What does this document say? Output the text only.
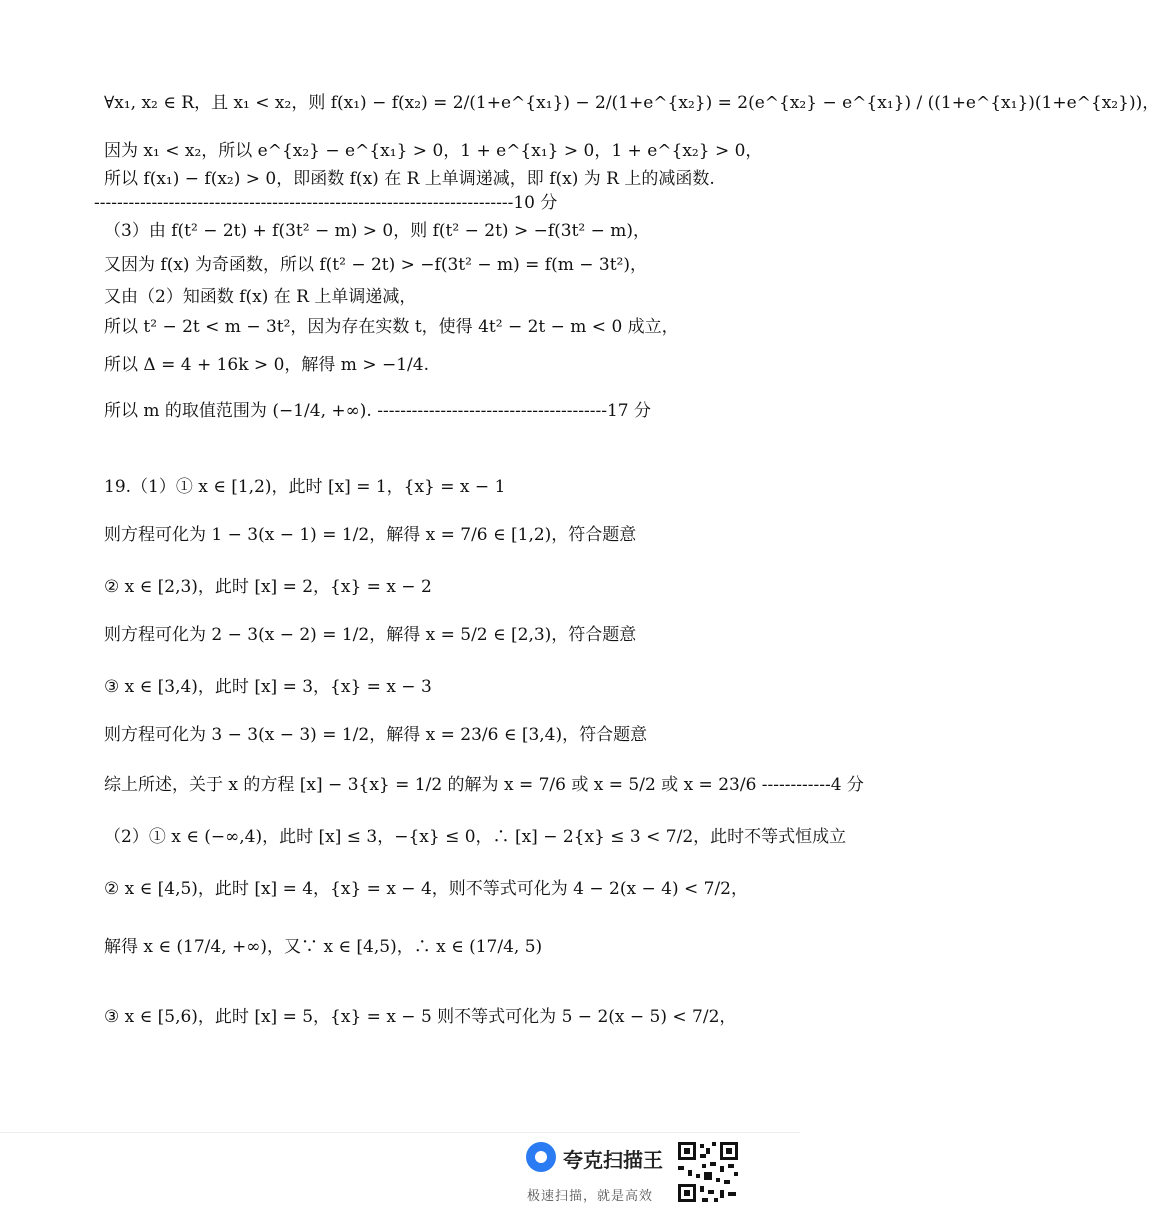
∀x₁, x₂ ∈ R，且 x₁ < x₂，则 f(x₁) − f(x₂) = 2/(1+e^{x₁}) − 2/(1+e^{x₂}) = 2(e^{x₂} − e^{x₁}) / ((1+e^{x₁})(1+e^{x₂}))，
因为 x₁ < x₂，所以 e^{x₂} − e^{x₁} > 0，1 + e^{x₁} > 0，1 + e^{x₂} > 0，
所以 f(x₁) − f(x₂) > 0，即函数 f(x) 在 R 上单调递减，即 f(x) 为 R 上的减函数.
-------------------------------------------------------------------------10 分
（3）由 f(t² − 2t) + f(3t² − m) > 0，则 f(t² − 2t) > −f(3t² − m)，
又因为 f(x) 为奇函数，所以 f(t² − 2t) > −f(3t² − m) = f(m − 3t²)，
又由（2）知函数 f(x) 在 R 上单调递减，
所以 t² − 2t < m − 3t²，因为存在实数 t，使得 4t² − 2t − m < 0 成立，
所以 Δ = 4 + 16k > 0，解得 m > −1/4.
所以 m 的取值范围为 (−1/4, +∞). ----------------------------------------17 分
19.（1）① x ∈ [1,2)，此时 [x] = 1，{x} = x − 1
则方程可化为 1 − 3(x − 1) = 1/2，解得 x = 7/6 ∈ [1,2)，符合题意
② x ∈ [2,3)，此时 [x] = 2，{x} = x − 2
则方程可化为 2 − 3(x − 2) = 1/2，解得 x = 5/2 ∈ [2,3)，符合题意
③ x ∈ [3,4)，此时 [x] = 3，{x} = x − 3
则方程可化为 3 − 3(x − 3) = 1/2，解得 x = 23/6 ∈ [3,4)，符合题意
综上所述，关于 x 的方程 [x] − 3{x} = 1/2 的解为 x = 7/6 或 x = 5/2 或 x = 23/6 ------------4 分
（2）① x ∈ (−∞,4)，此时 [x] ≤ 3，−{x} ≤ 0，∴ [x] − 2{x} ≤ 3 < 7/2，此时不等式恒成立
② x ∈ [4,5)，此时 [x] = 4，{x} = x − 4，则不等式可化为 4 − 2(x − 4) < 7/2，
解得 x ∈ (17/4, +∞)，又∵ x ∈ [4,5)，∴ x ∈ (17/4, 5)
③ x ∈ [5,6)，此时 [x] = 5，{x} = x − 5 则不等式可化为 5 − 2(x − 5) < 7/2，
夸克扫描王
极速扫描，就是高效
